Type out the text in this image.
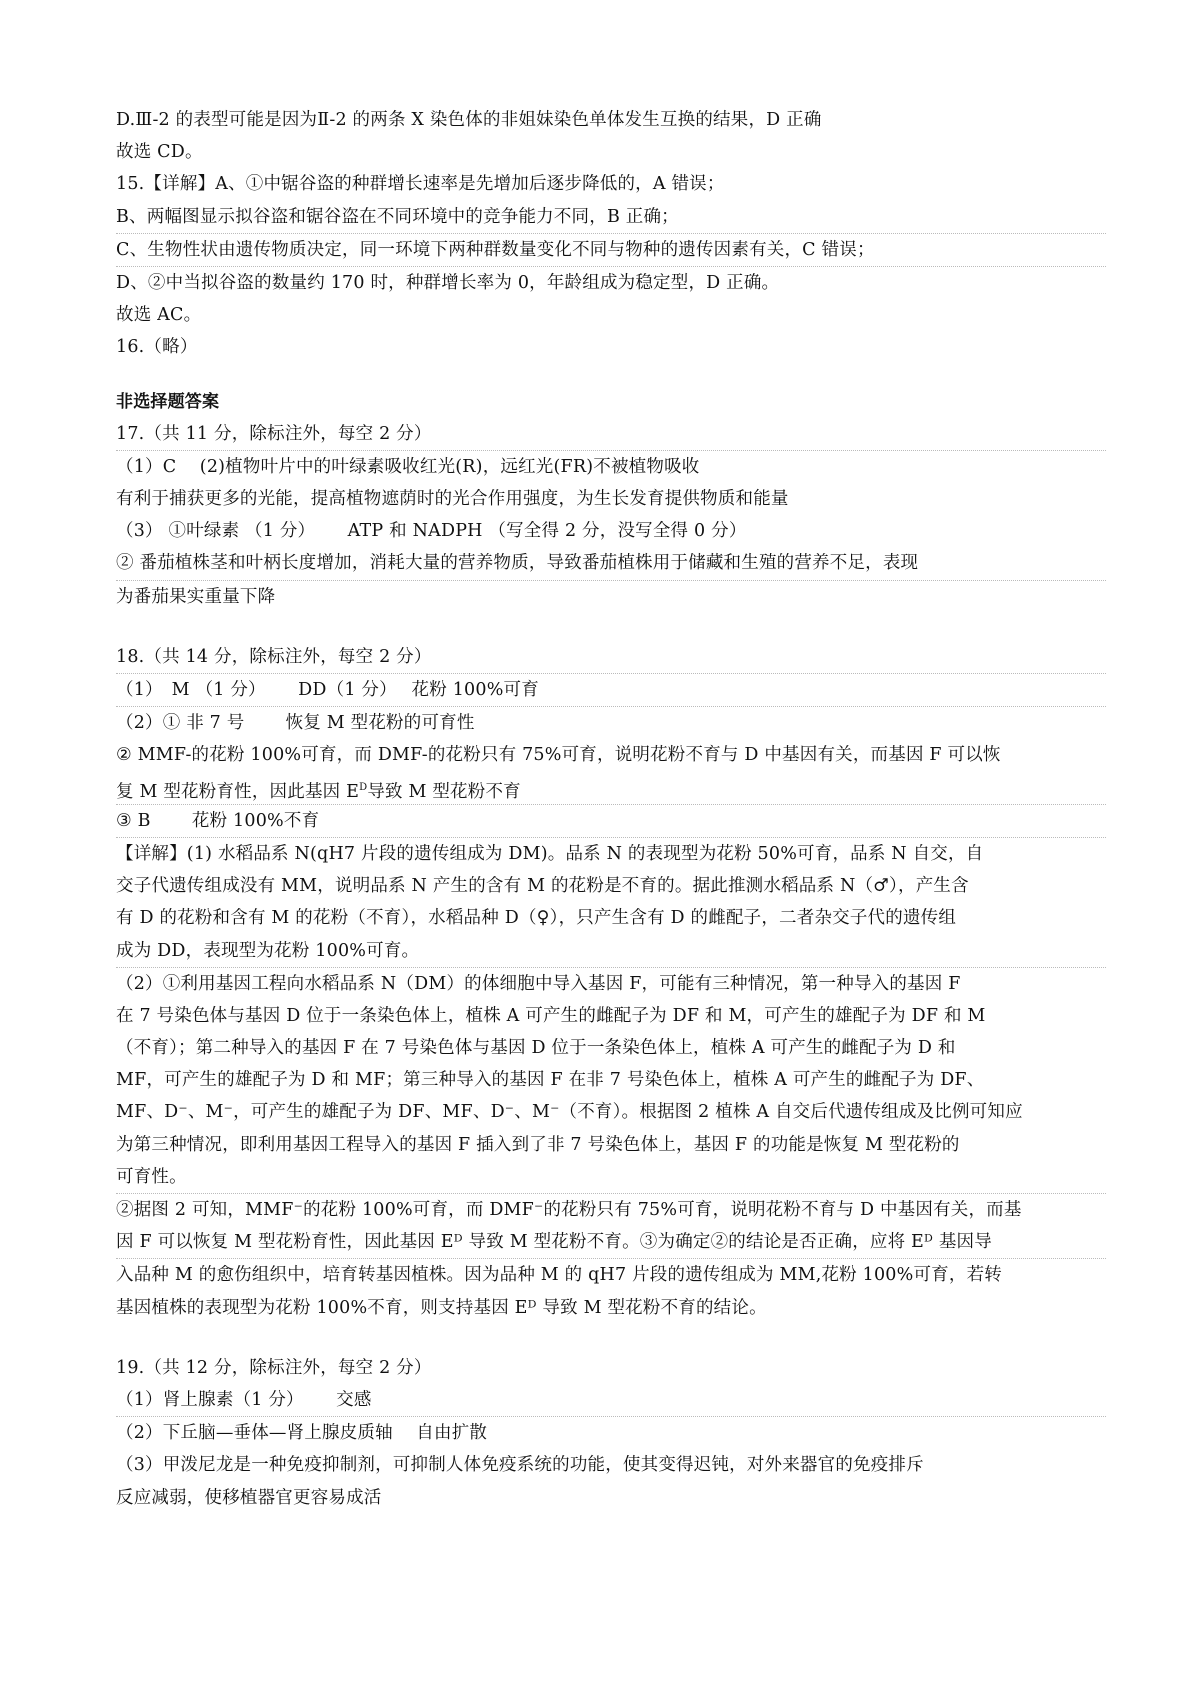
D.Ⅲ-2 的表型可能是因为Ⅱ-2 的两条 X 染色体的非姐妹染色单体发生互换的结果，D 正确
故选 CD。
15.【详解】A、①中锯谷盗的种群增长速率是先增加后逐步降低的，A 错误；
B、两幅图显示拟谷盗和锯谷盗在不同环境中的竞争能力不同，B 正确；
C、生物性状由遗传物质决定，同一环境下两种群数量变化不同与物种的遗传因素有关，C 错误；
D、②中当拟谷盗的数量约 170 时，种群增长率为 0，年龄组成为稳定型，D 正确。
故选 AC。
16.（略）
非选择题答案
17.（共 11 分，除标注外，每空 2 分）
（1）C　 (2)植物叶片中的叶绿素吸收红光(R)，远红光(FR)不被植物吸收
有利于捕获更多的光能，提高植物遮荫时的光合作用强度，为生长发育提供物质和能量
（3） ①叶绿素 （1 分）　　 ATP 和 NADPH （写全得 2 分，没写全得 0 分）
② 番茄植株茎和叶柄长度增加，消耗大量的营养物质，导致番茄植株用于储藏和生殖的营养不足，表现
为番茄果实重量下降
18.（共 14 分，除标注外，每空 2 分）
（1）　M （1 分）　　 DD（1 分）　 花粉 100%可育
（2）① 非 7 号　　 恢复 M 型花粉的可育性
② MMF-的花粉 100%可育，而 DMF-的花粉只有 75%可育，说明花粉不育与 D 中基因有关，而基因 F 可以恢
复 M 型花粉育性，因此基因 $E^D$导致 M 型花粉不育
③ B　　 花粉 100%不育
【详解】(1) 水稻品系 N(qH7 片段的遗传组成为 DM)。品系 N 的表现型为花粉 50%可育，品系 N 自交，自
交子代遗传组成没有 MM，说明品系 N 产生的含有 M 的花粉是不育的。据此推测水稻品系 N（♂），产生含
有 D 的花粉和含有 M 的花粉（不育），水稻品种 D（♀），只产生含有 D 的雌配子，二者杂交子代的遗传组
成为 DD，表现型为花粉 100%可育。
（2）①利用基因工程向水稻品系 N（DM）的体细胞中导入基因 F，可能有三种情况，第一种导入的基因 F
在 7 号染色体与基因 D 位于一条染色体上，植株 A 可产生的雌配子为 DF 和 M，可产生的雄配子为 DF 和 M
（不育）；第二种导入的基因 F 在 7 号染色体与基因 D 位于一条染色体上，植株 A 可产生的雌配子为 D 和
MF，可产生的雄配子为 D 和 MF；第三种导入的基因 F 在非 7 号染色体上，植株 A 可产生的雌配子为 DF、
MF、D⁻、M⁻，可产生的雄配子为 DF、MF、D⁻、M⁻（不育）。根据图 2 植株 A 自交后代遗传组成及比例可知应
为第三种情况，即利用基因工程导入的基因 F 插入到了非 7 号染色体上，基因 F 的功能是恢复 M 型花粉的
可育性。
②据图 2 可知，MMF⁻的花粉 100%可育，而 DMF⁻的花粉只有 75%可育，说明花粉不育与 D 中基因有关，而基
因 F 可以恢复 M 型花粉育性，因此基因 Eᴰ 导致 M 型花粉不育。③为确定②的结论是否正确，应将 Eᴰ 基因导
入品种 M 的愈伤组织中，培育转基因植株。因为品种 M 的 qH7 片段的遗传组成为 MM,花粉 100%可育，若转
基因植株的表现型为花粉 100%不育，则支持基因 Eᴰ 导致 M 型花粉不育的结论。
19.（共 12 分，除标注外，每空 2 分）
（1）肾上腺素（1 分）　　 交感
（2）下丘脑—垂体—肾上腺皮质轴　 自由扩散
（3）甲泼尼龙是一种免疫抑制剂，可抑制人体免疫系统的功能，使其变得迟钝，对外来器官的免疫排斥
反应减弱，使移植器官更容易成活
